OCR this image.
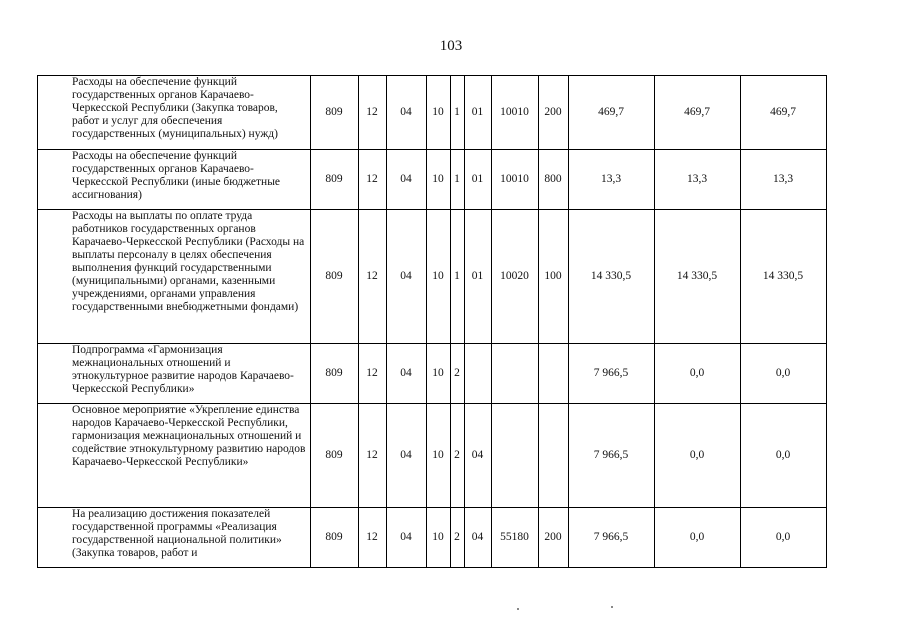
103
	Расходы на обеспечение функций государственных органов Карачаево-Черкесской Республики (Закупка товаров, работ и услуг для обеспечения государственных (муниципальных) нужд)	809	12	04	10	1	01	10010	200	469,7	469,7	469,7
	Расходы на обеспечение функций государственных органов Карачаево-Черкесской Республики (иные бюджетные ассигнования)	809	12	04	10	1	01	10010	800	13,3	13,3	13,3
	Расходы на выплаты по оплате труда работников государственных органов Карачаево-Черкесской Республики (Расходы на выплаты персоналу в целях обеспечения выполнения функций государственными (муниципальными) органами, казенными учреждениями, органами управления государственными внебюджетными фондами)	809	12	04	10	1	01	10020	100	14 330,5	14 330,5	14 330,5
	Подпрограмма «Гармонизация межнациональных отношений и этнокультурное развитие народов Карачаево-Черкесской Республики»	809	12	04	10	2				7 966,5	0,0	0,0
	Основное мероприятие «Укрепление единства народов Карачаево-Черкесской Республики, гармонизация межнациональных отношений и содействие этнокультурному развитию народов Карачаево-Черкесской Республики»	809	12	04	10	2	04			7 966,5	0,0	0,0
	На реализацию достижения показателей государственной программы «Реализация государственной национальной политики» (Закупка товаров, работ и	809	12	04	10	2	04	55180	200	7 966,5	0,0	0,0
